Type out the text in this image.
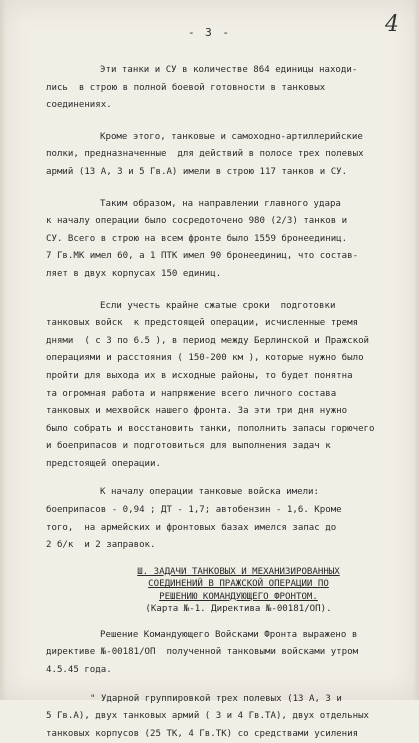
- 3 -	4
Эти танки и СУ в количестве 864 единицы находи-
лись  в строю в полной боевой готовности в танковых
соединениях.
Кроме этого, танковые и самоходно-артиллерийские
полки, предназначенные  для действий в полосе трех полевых
армий (13 А, 3 и 5 Гв.А) имели в строю 117 танков и СУ.
Таким образом, на направлении главного удара
к началу операции было сосредоточено 980 (2/3) танков и
СУ. Всего в строю на всем фронте было 1559 бронеединиц.
7 Гв.МК имел 60, а 1 ПТК имел 90 бронеединиц, что состав-
ляет в двух корпусах 150 единиц.
Если учесть крайне сжатые сроки  подготовки
танковых войск  к предстоящей операции, исчисленные тремя
днями  ( с 3 по 6.5 ), в период между Берлинской и Пражской
операциями и расстояния ( 150-200 км ), которые нужно было
пройти для выхода их в исходные районы, то будет понятна
та огромная работа и напряжение всего личного состава
танковых и мехвойск нашего фронта. За эти три дня нужно
было собрать и восстановить танки, пополнить запасы горючего
и боеприпасов и подготовиться для выполнения задач к
предстоящей операции.
К началу операции танковые войска имели:
боеприпасов - 0,94 ; ДТ - 1,7; автобензин - 1,6. Кроме
того,  на армейских и фронтовых базах имелся запас до
2 б/к  и 2 заправок.
Ш. ЗАДАЧИ ТАНКОВЫХ И МЕХАНИЗИРОВАННЫХ
СОЕДИНЕНИЙ В ПРАЖСКОЙ ОПЕРАЦИИ ПО
РЕШЕНИЮ КОМАНДУЮЩЕГО ФРОНТОМ.
(Карта №-1. Директива №-00181/ОП).
Решение Командующего Войсками Фронта выражено в
директиве №-00181/ОП  полученной танковыми войсками утром
4.5.45 года.
" Ударной группировкой трех полевых (13 А, 3 и
5 Гв.А), двух танковых армий ( 3 и 4 Гв.ТА), двух отдельных
танковых корпусов (25 ТК, 4 Гв.ТК) со средствами усиления
